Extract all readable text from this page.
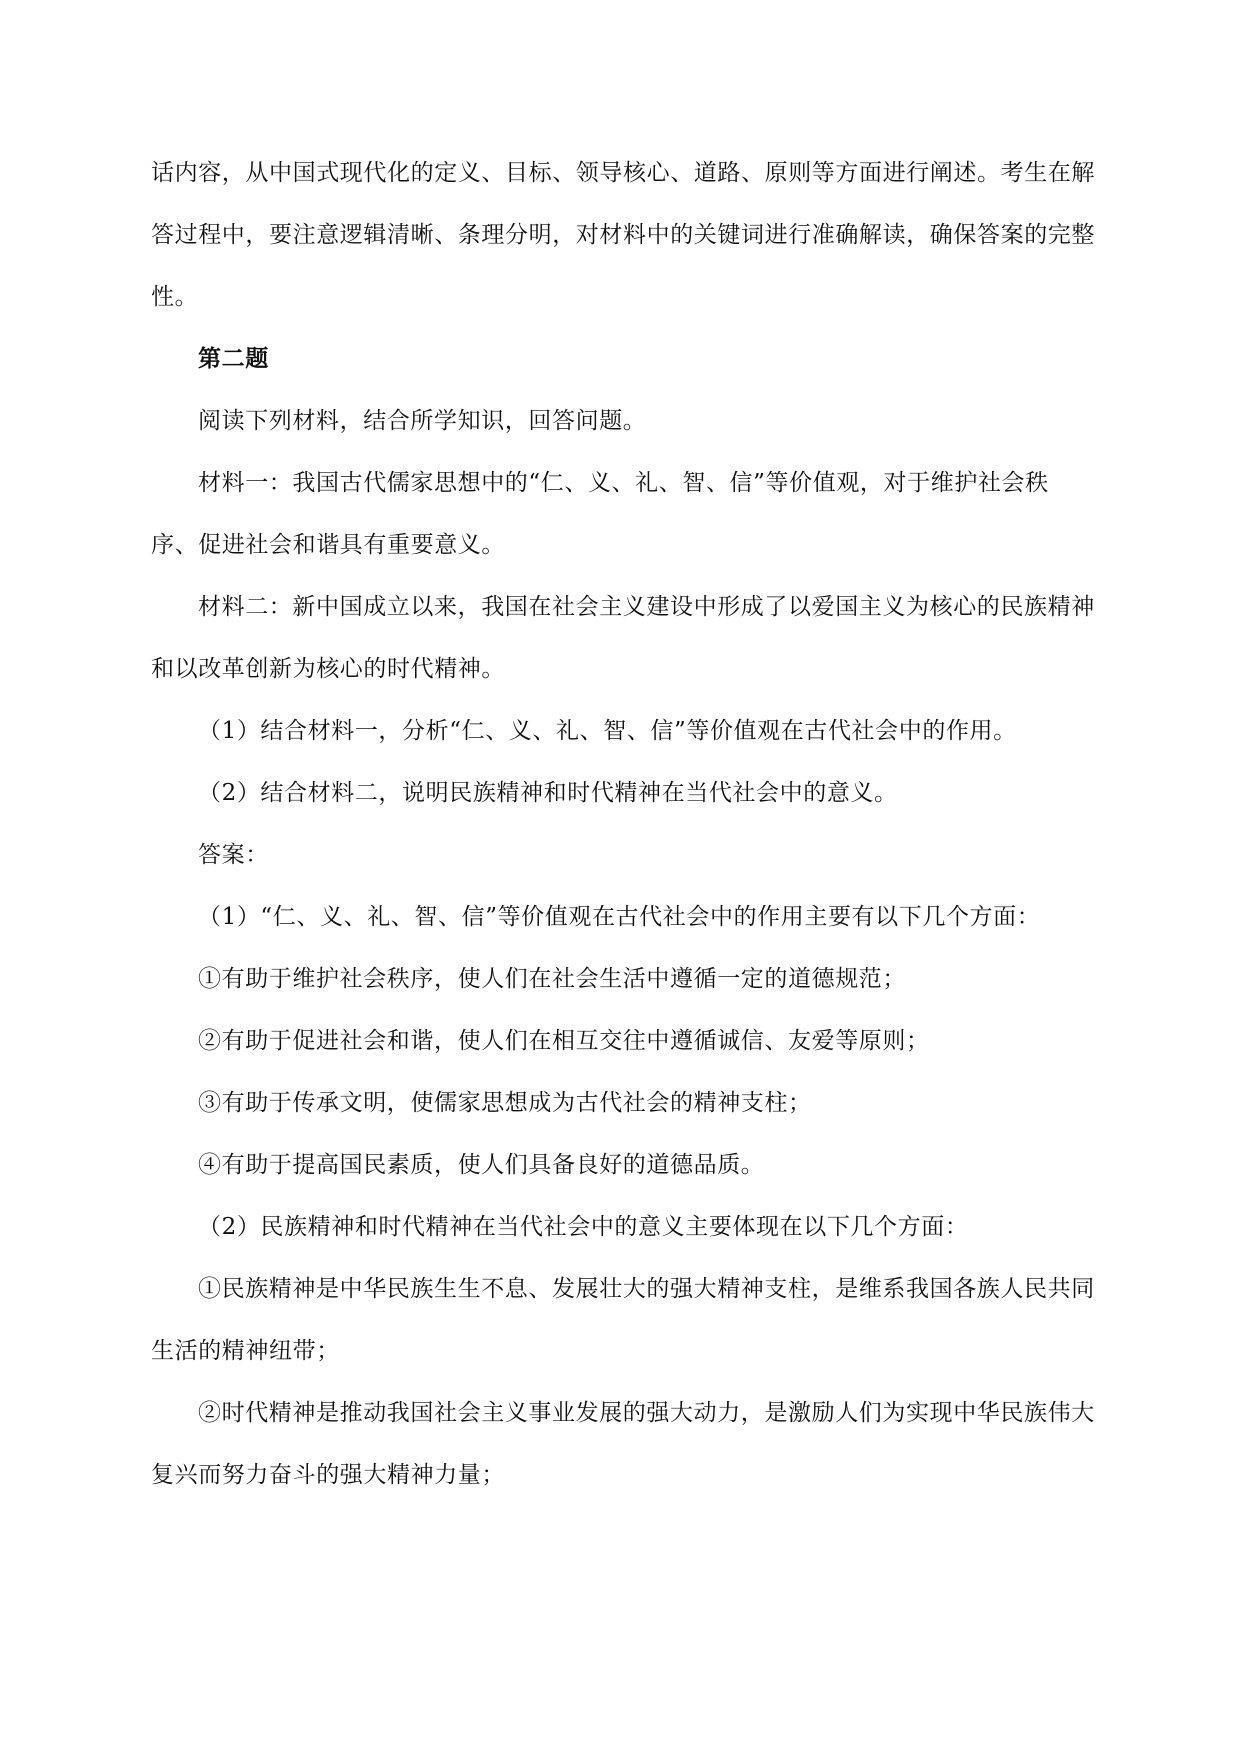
话内容，从中国式现代化的定义、目标、领导核心、道路、原则等方面进行阐述。考生在解答过程中，要注意逻辑清晰、条理分明，对材料中的关键词进行准确解读，确保答案的完整性。

第二题

阅读下列材料，结合所学知识，回答问题。

材料一：我国古代儒家思想中的“仁、义、礼、智、信”等价值观，对于维护社会秩序、促进社会和谐具有重要意义。

材料二：新中国成立以来，我国在社会主义建设中形成了以爱国主义为核心的民族精神和以改革创新为核心的时代精神。

（1）结合材料一，分析“仁、义、礼、智、信”等价值观在古代社会中的作用。

（2）结合材料二，说明民族精神和时代精神在当代社会中的意义。

答案：

（1）“仁、义、礼、智、信”等价值观在古代社会中的作用主要有以下几个方面：

①有助于维护社会秩序，使人们在社会生活中遵循一定的道德规范；

②有助于促进社会和谐，使人们在相互交往中遵循诚信、友爱等原则；

③有助于传承文明，使儒家思想成为古代社会的精神支柱；

④有助于提高国民素质，使人们具备良好的道德品质。

（2）民族精神和时代精神在当代社会中的意义主要体现在以下几个方面：

①民族精神是中华民族生生不息、发展壮大的强大精神支柱，是维系我国各族人民共同生活的精神纽带；

②时代精神是推动我国社会主义事业发展的强大动力，是激励人们为实现中华民族伟大复兴而努力奋斗的强大精神力量；
